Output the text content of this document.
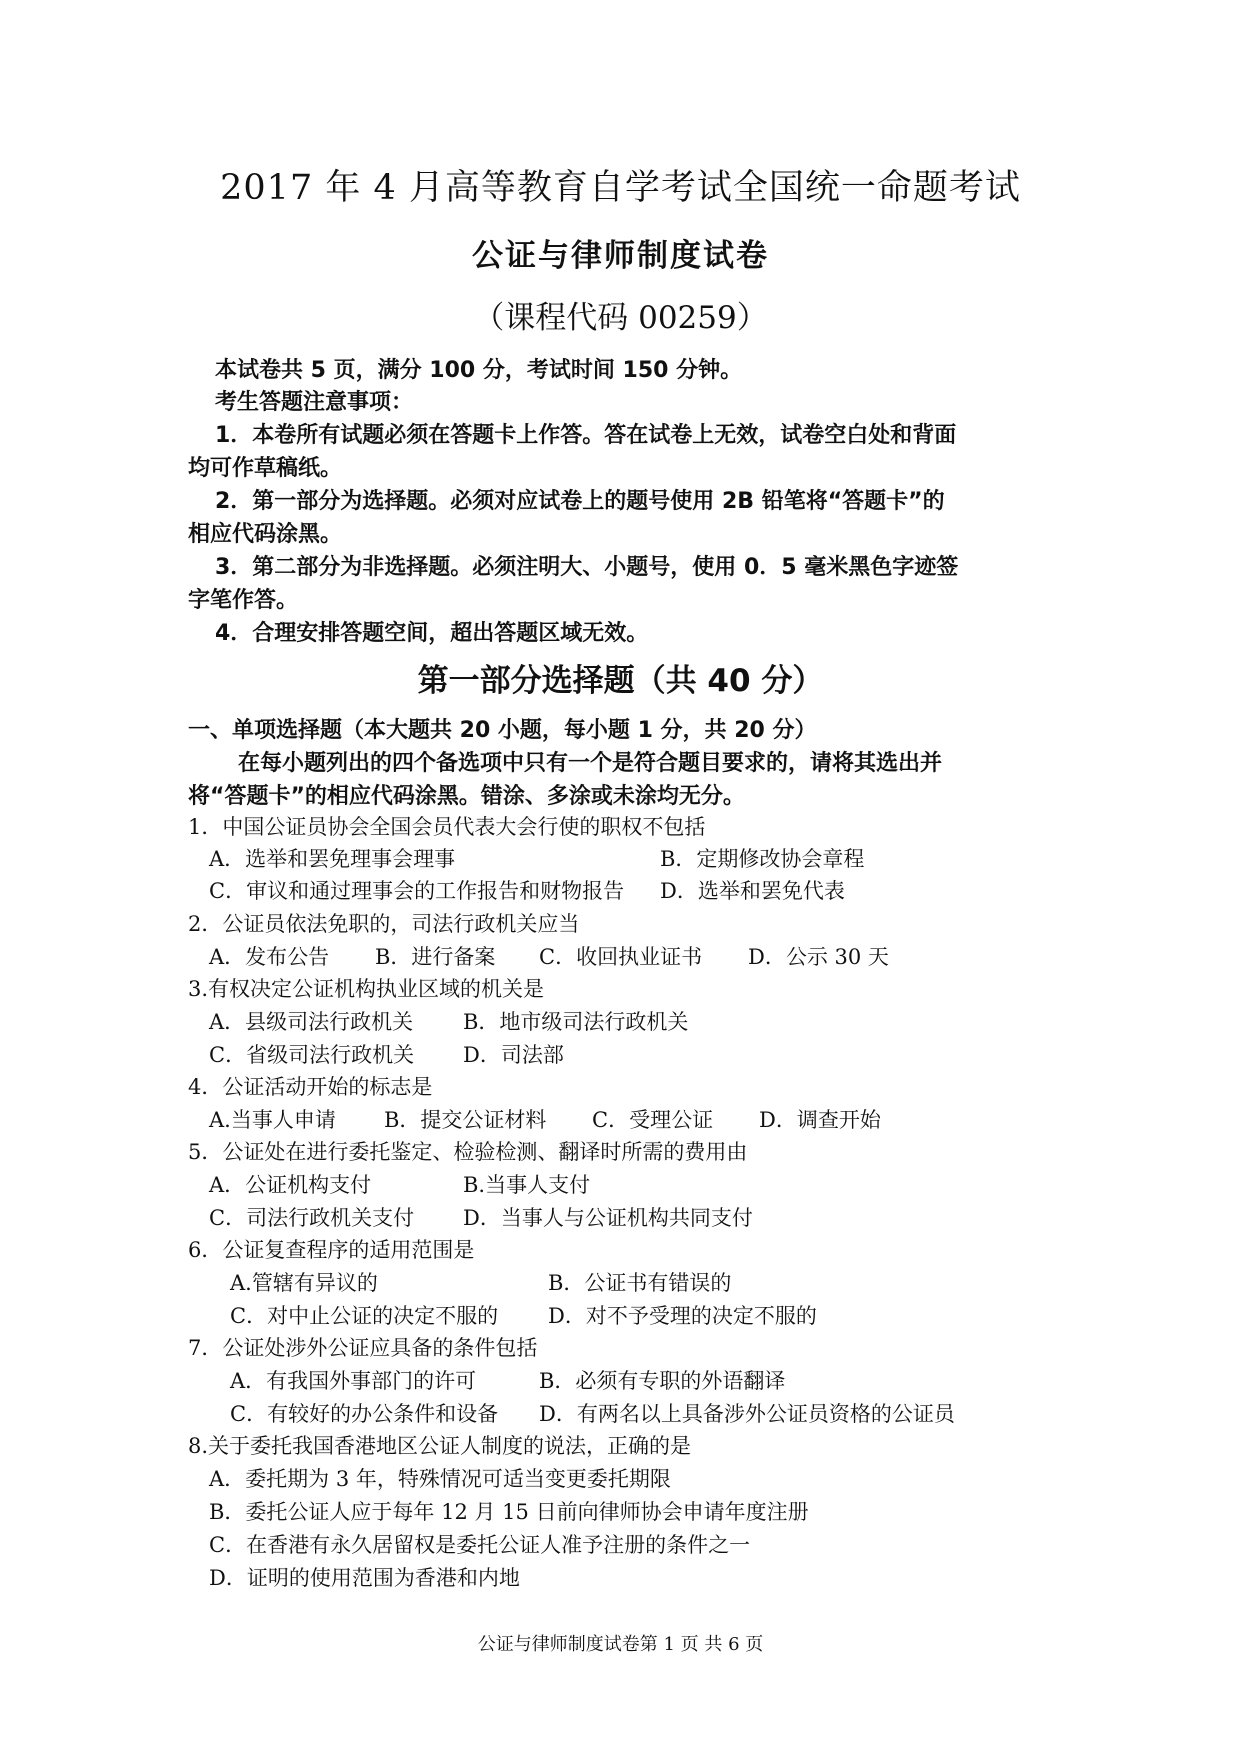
2017 年 4 月高等教育自学考试全国统一命题考试
公证与律师制度试卷
（课程代码 00259）
本试卷共 5 页，满分 100 分，考试时间 150 分钟。
考生答题注意事项：
1．本卷所有试题必须在答题卡上作答。答在试卷上无效，试卷空白处和背面
均可作草稿纸。
2．第一部分为选择题。必须对应试卷上的题号使用 2B 铅笔将“答题卡”的
相应代码涂黑。
3．第二部分为非选择题。必须注明大、小题号，使用 0．5 毫米黑色字迹签
字笔作答。
4．合理安排答题空间，超出答题区域无效。
第一部分选择题（共 40 分）
一、单项选择题（本大题共 20 小题，每小题 1 分，共 20 分）
在每小题列出的四个备选项中只有一个是符合题目要求的，请将其选出并
将“答题卡”的相应代码涂黑。错涂、多涂或未涂均无分。
1．中国公证员协会全国会员代表大会行使的职权不包括
A．选举和罢免理事会理事	B．定期修改协会章程
C．审议和通过理事会的工作报告和财物报告 D．选举和罢免代表
2．公证员依法免职的，司法行政机关应当
A．发布公告 B．进行备案 C．收回执业证书 D．公示 30 天
3.有权决定公证机构执业区域的机关是
A．县级司法行政机关 B．地市级司法行政机关
C．省级司法行政机关 D．司法部
4．公证活动开始的标志是
A.当事人申请 B．提交公证材料 C．受理公证 D．调查开始
5．公证处在进行委托鉴定、检验检测、翻译时所需的费用由
A．公证机构支付	B.当事人支付
C．司法行政机关支付 D．当事人与公证机构共同支付
6．公证复查程序的适用范围是
A.管辖有异议的	B．公证书有错误的
C．对中止公证的决定不服的 D．对不予受理的决定不服的
7．公证处涉外公证应具备的条件包括
A．有我国外事部门的许可	B．必须有专职的外语翻译
C．有较好的办公条件和设备 D．有两名以上具备涉外公证员资格的公证员
8.关于委托我国香港地区公证人制度的说法，正确的是
A．委托期为 3 年，特殊情况可适当变更委托期限
B．委托公证人应于每年 12 月 15 日前向律师协会申请年度注册
C．在香港有永久居留权是委托公证人准予注册的条件之一
D．证明的使用范围为香港和内地
公证与律师制度试卷第 1 页 共 6 页
